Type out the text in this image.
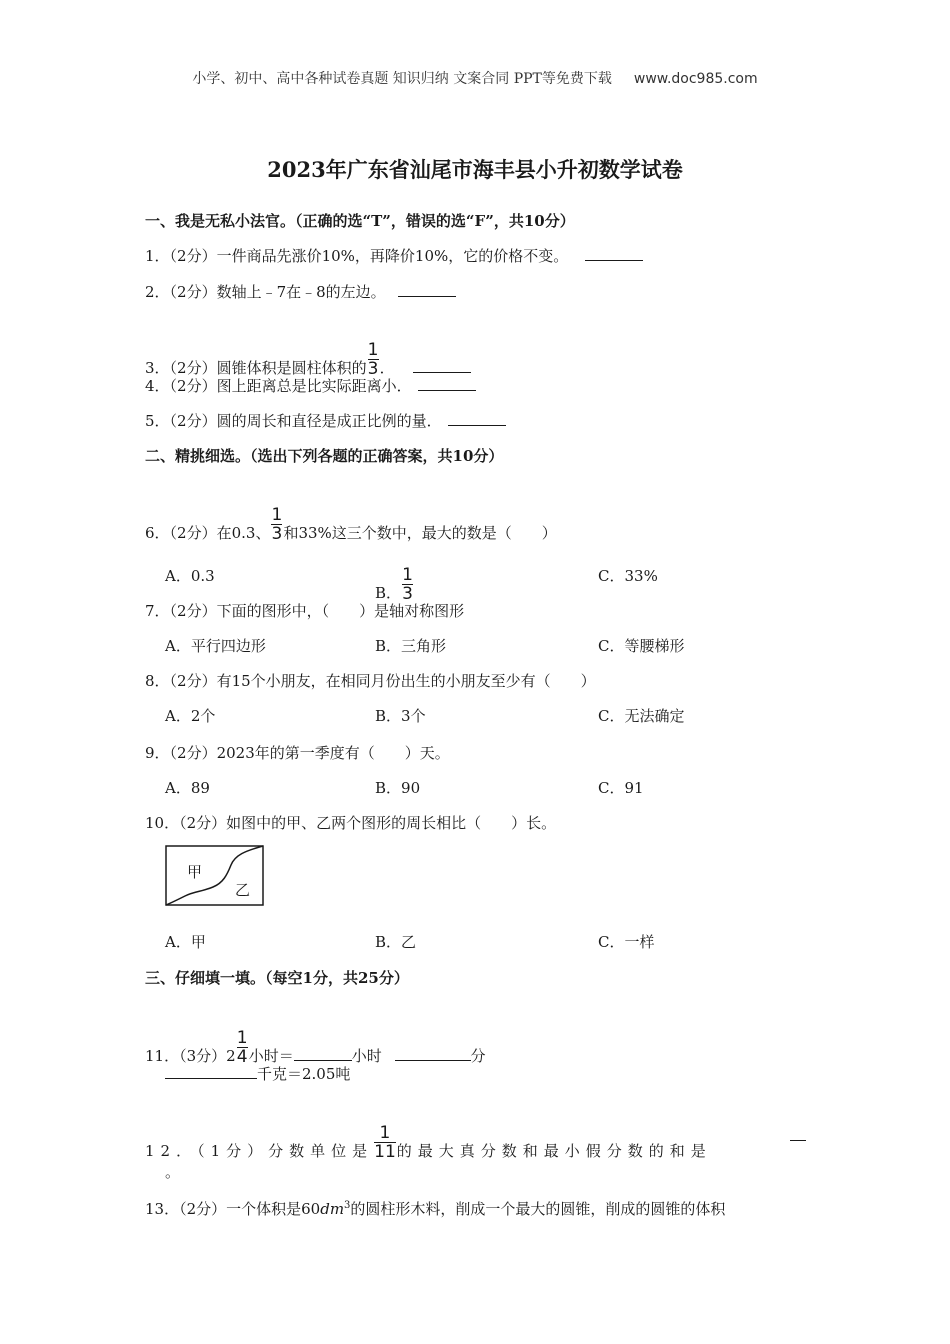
小学、初中、高中各种试卷真题 知识归纳 文案合同 PPT等免费下载 www.doc985.com
2023年广东省汕尾市海丰县小升初数学试卷
一、我是无私小法官。（正确的选“T”，错误的选“F”，共10分）
1．（2分）一件商品先涨价10%，再降价10%，它的价格不变。
2．（2分）数轴上﹣7在﹣8的左边。
3．（2分）圆锥体积是圆柱体积的 $\frac{1}{3}$ ．
4．（2分）图上距离总是比实际距离小．
5．（2分）圆的周长和直径是成正比例的量．
二、精挑细选。（选出下列各题的正确答案，共10分）
6．（2分）在0.3、 $\frac{1}{3}$ 和33%这三个数中，最大的数是（　　）
A．0.3
B． $\frac{1}{3}$	C．33%
7．（2分）下面的图形中，（　　）是轴对称图形
A．平行四边形	B．三角形	C．等腰梯形
8．（2分）有15个小朋友，在相同月份出生的小朋友至少有（　　）
A．2个	B．3个	C．无法确定
9．（2分）2023年的第一季度有（　　）天。
A．89	B．90	C．91
10．（2分）如图中的甲、乙两个图形的周长相比（　　）长。
甲
乙
A．甲	B．乙	C．一样
三、仔细填一填。（每空1分，共25分）
11．（3分）$2 \frac{1}{4}$ 小时＝	小时	分
千克＝2.05吨
12．（1分）分数单位是 $\frac{1}{11}$ 的最大真分数和最小假分数的和是
。
13．（2分）一个体积是$60dm^3$的圆柱形木料，削成一个最大的圆锥，削成的圆锥的体积
